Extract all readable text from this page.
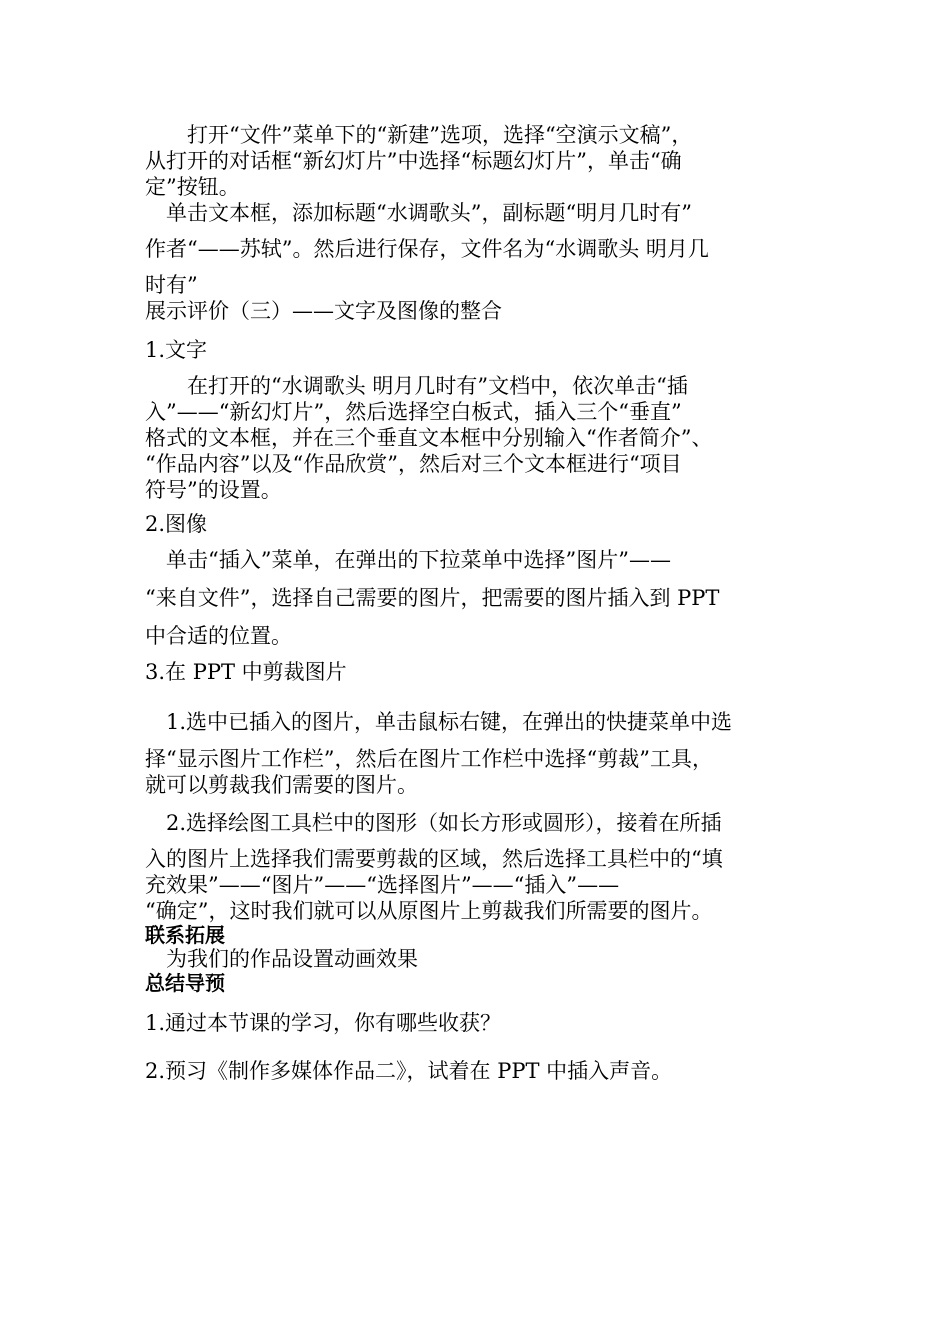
　　打开“文件”菜单下的“新建”选项，选择“空演示文稿”，
从打开的对话框“新幻灯片”中选择“标题幻灯片”，单击“确
定”按钮。
　单击文本框，添加标题“水调歌头”，副标题“明月几时有”
作者“——苏轼”。然后进行保存，文件名为“水调歌头 明月几
时有”
展示评价（三）——文字及图像的整合
1.文字
　　在打开的“水调歌头 明月几时有”文档中，依次单击“插
入”——“新幻灯片”，然后选择空白板式，插入三个“垂直”
格式的文本框，并在三个垂直文本框中分别输入“作者简介”、
“作品内容”以及“作品欣赏”，然后对三个文本框进行“项目
符号”的设置。
2.图像
　单击“插入”菜单，在弹出的下拉菜单中选择”图片”——
“来自文件”，选择自己需要的图片，把需要的图片插入到 PPT
中合适的位置。
3.在 PPT 中剪裁图片
　1.选中已插入的图片，单击鼠标右键，在弹出的快捷菜单中选
择“显示图片工作栏”，然后在图片工作栏中选择“剪裁”工具，
就可以剪裁我们需要的图片。
　2.选择绘图工具栏中的图形（如长方形或圆形），接着在所插
入的图片上选择我们需要剪裁的区域，然后选择工具栏中的“填
充效果”——“图片”——“选择图片”——“插入”——
“确定”，这时我们就可以从原图片上剪裁我们所需要的图片。
联系拓展
　为我们的作品设置动画效果
总结导预
1.通过本节课的学习，你有哪些收获？
2.预习《制作多媒体作品二》，试着在 PPT 中插入声音。
